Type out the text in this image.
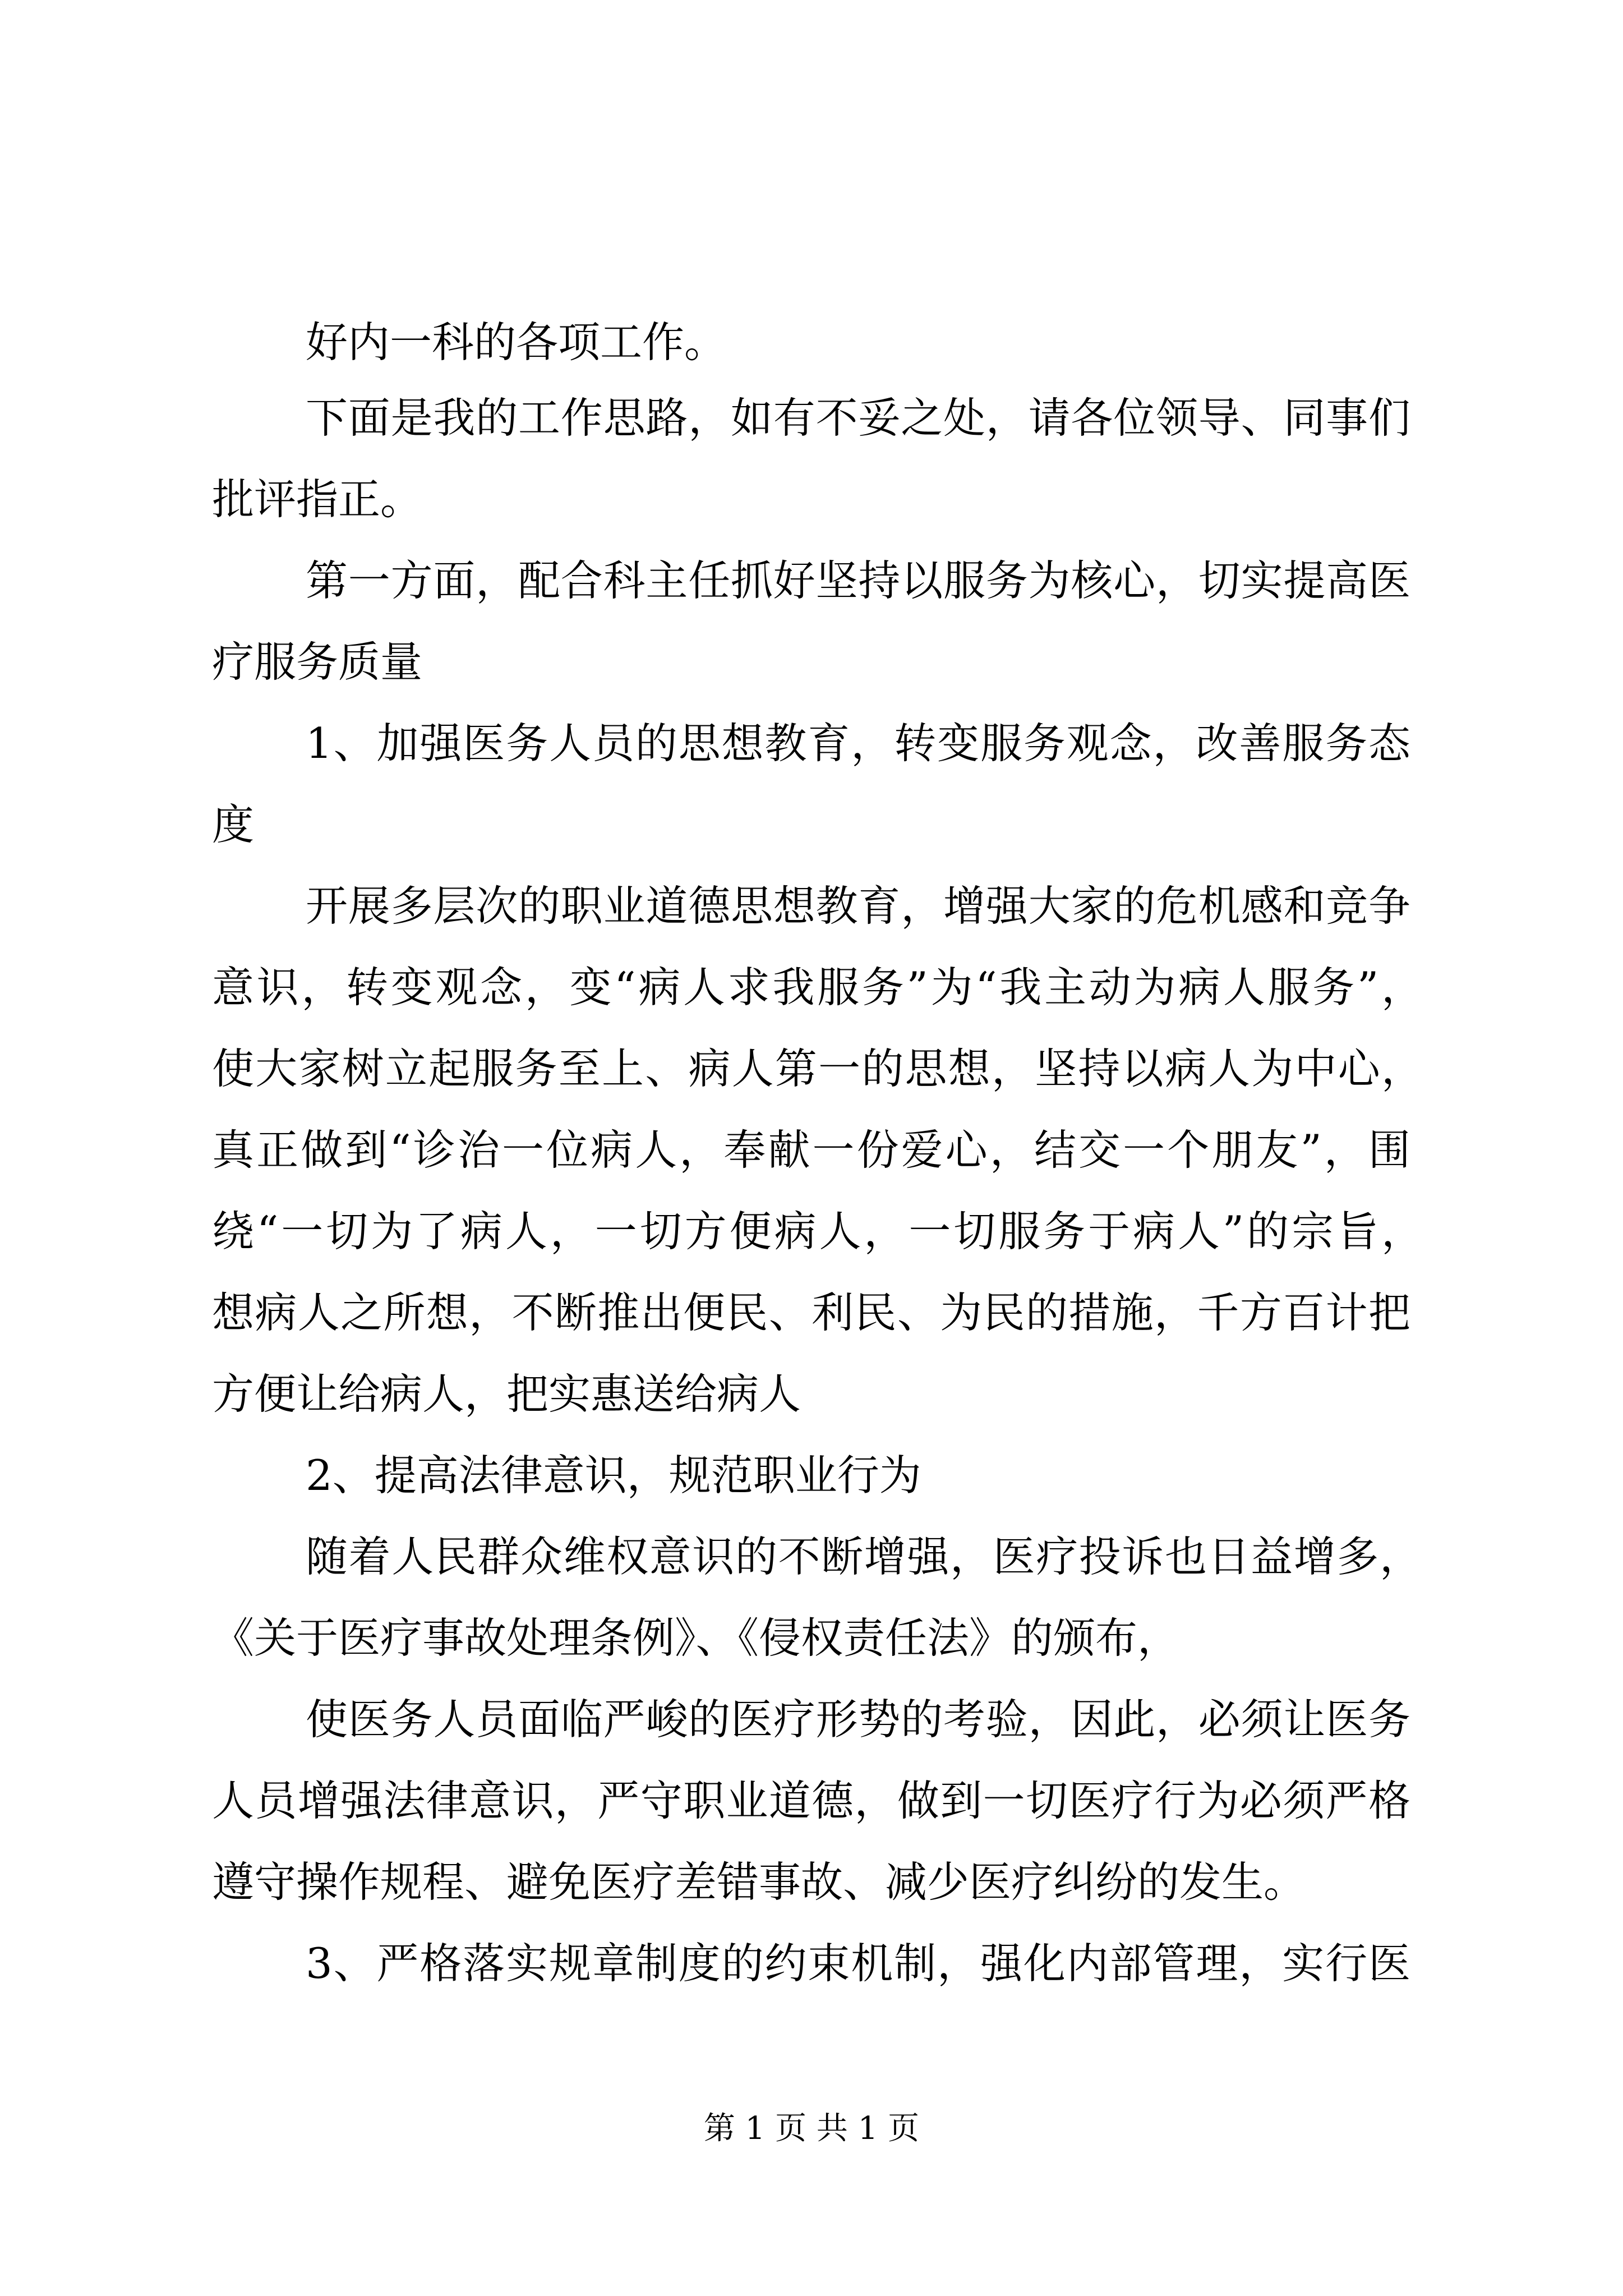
好内一科的各项工作。
下面是我的工作思路，如有不妥之处，请各位领导、同事们
批评指正。
第一方面，配合科主任抓好坚持以服务为核心，切实提高医
疗服务质量
1、加强医务人员的思想教育，转变服务观念，改善服务态
度
开展多层次的职业道德思想教育，增强大家的危机感和竞争
意识，转变观念，变“病人求我服务”为“我主动为病人服务”，
使大家树立起服务至上、病人第一的思想，坚持以病人为中心，
真正做到“诊治一位病人，奉献一份爱心，结交一个朋友”，围
绕“一切为了病人，一切方便病人，一切服务于病人”的宗旨，
想病人之所想，不断推出便民、利民、为民的措施，千方百计把
方便让给病人，把实惠送给病人
2、提高法律意识，规范职业行为
随着人民群众维权意识的不断增强，医疗投诉也日益增多，
《关于医疗事故处理条例》、《侵权责任法》的颁布，
使医务人员面临严峻的医疗形势的考验，因此，必须让医务
人员增强法律意识，严守职业道德，做到一切医疗行为必须严格
遵守操作规程、避免医疗差错事故、减少医疗纠纷的发生。
3、严格落实规章制度的约束机制，强化内部管理，实行医
第 1 页 共 1 页
